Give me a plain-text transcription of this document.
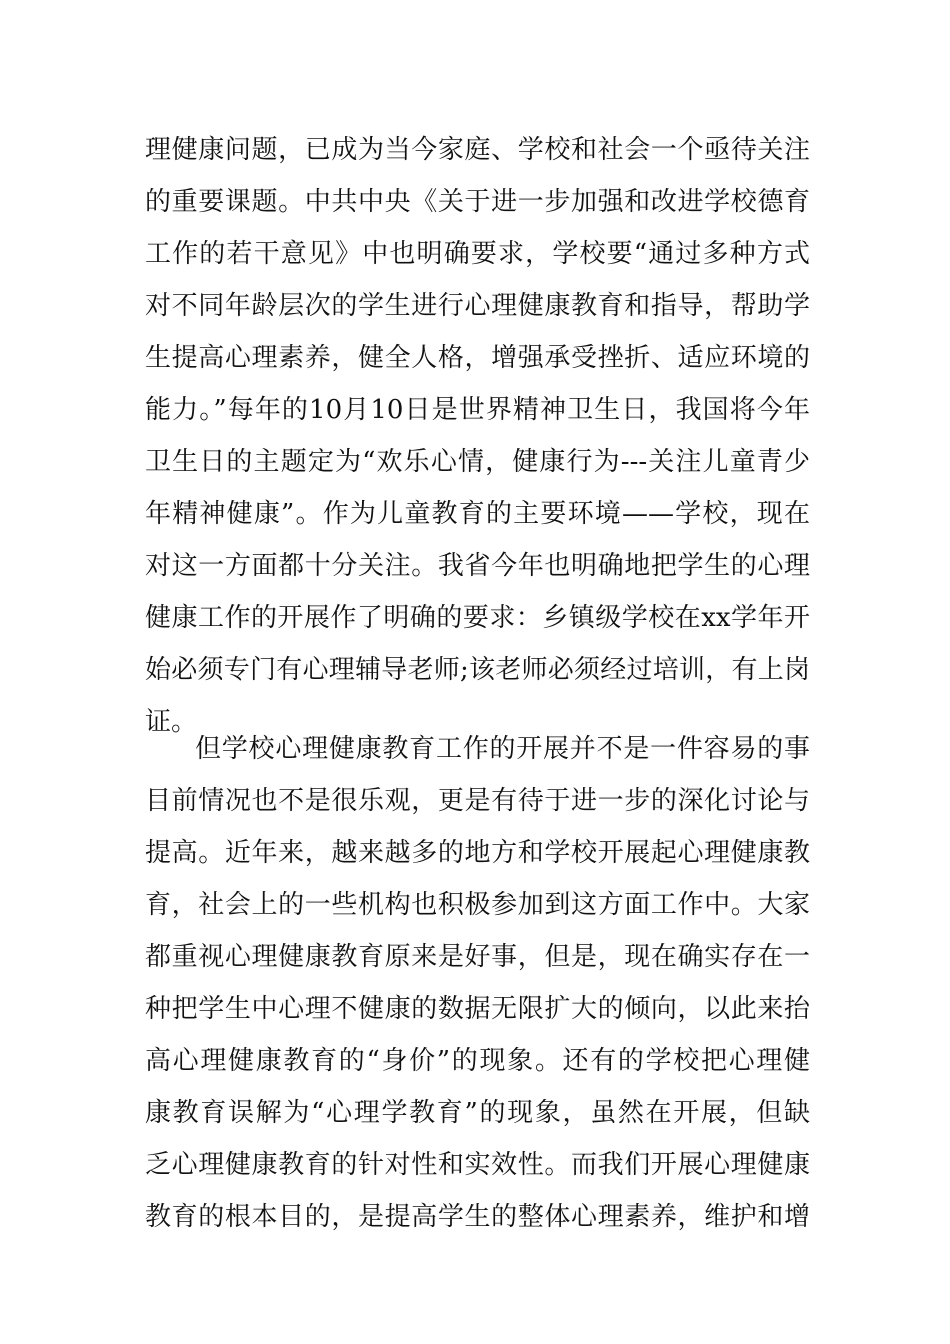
理健康问题，已成为当今家庭、学校和社会一个亟待关注
的重要课题。中共中央《关于进一步加强和改进学校德育
工作的若干意见》中也明确要求，学校要“通过多种方式
对不同年龄层次的学生进行心理健康教育和指导，帮助学
生提高心理素养，健全人格，增强承受挫折、适应环境的
能力。”每年的10月10日是世界精神卫生日，我国将今年
卫生日的主题定为“欢乐心情，健康行为---关注儿童青少
年精神健康”。作为儿童教育的主要环境——学校，现在
对这一方面都十分关注。我省今年也明确地把学生的心理
健康工作的开展作了明确的要求：乡镇级学校在xx学年开
始必须专门有心理辅导老师;该老师必须经过培训，有上岗
证。
但学校心理健康教育工作的开展并不是一件容易的事
目前情况也不是很乐观，更是有待于进一步的深化讨论与
提高。近年来，越来越多的地方和学校开展起心理健康教
育，社会上的一些机构也积极参加到这方面工作中。大家
都重视心理健康教育原来是好事，但是，现在确实存在一
种把学生中心理不健康的数据无限扩大的倾向，以此来抬
高心理健康教育的“身价”的现象。还有的学校把心理健
康教育误解为“心理学教育”的现象，虽然在开展，但缺
乏心理健康教育的针对性和实效性。而我们开展心理健康
教育的根本目的，是提高学生的整体心理素养，维护和增
